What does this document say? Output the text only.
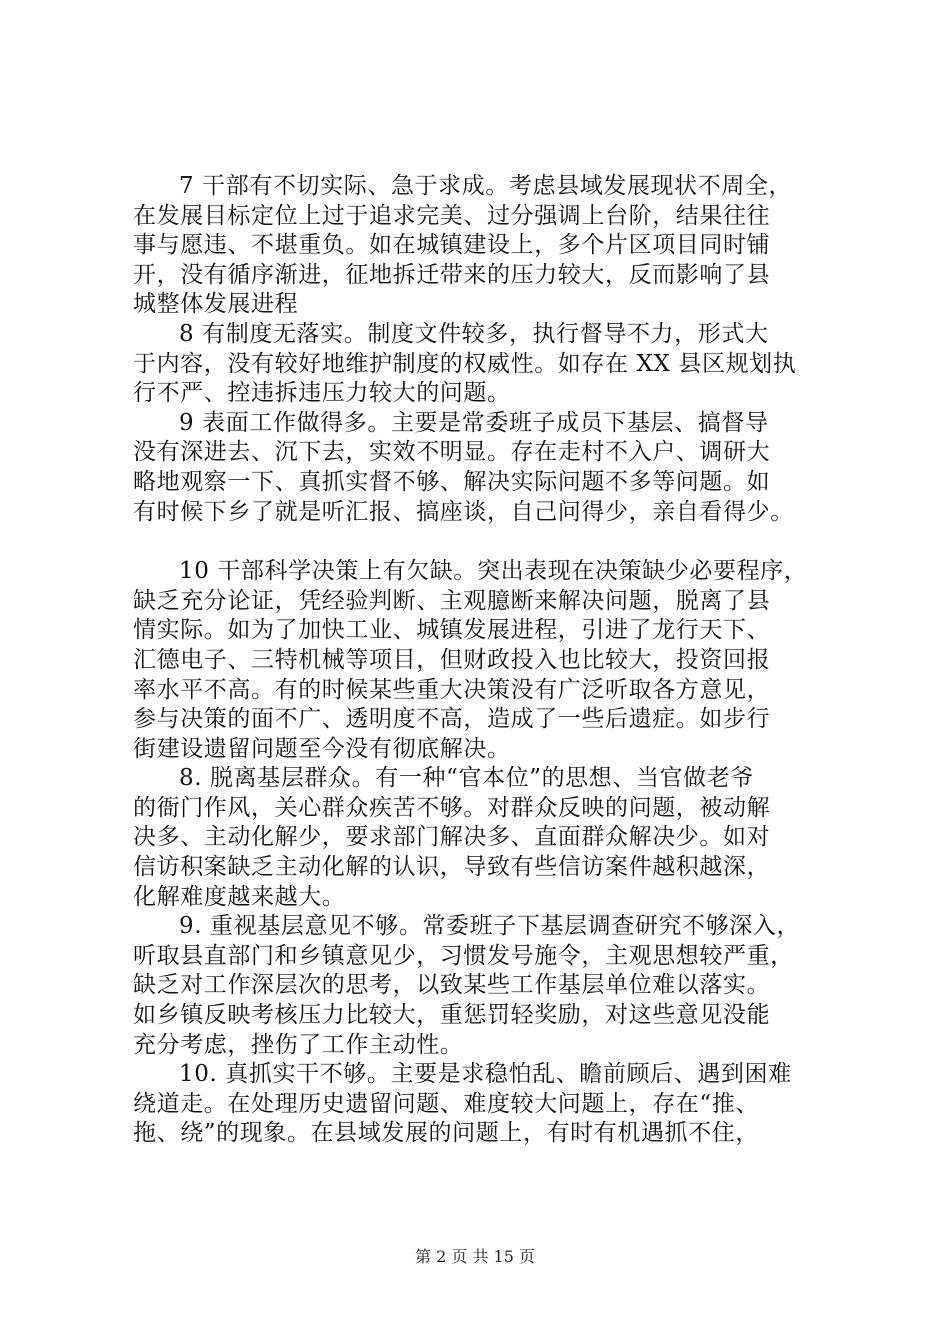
7 干部有不切实际、急于求成。考虑县域发展现状不周全，
在发展目标定位上过于追求完美、过分强调上台阶，结果往往
事与愿违、不堪重负。如在城镇建设上，多个片区项目同时铺
开，没有循序渐进，征地拆迁带来的压力较大，反而影响了县
城整体发展进程
8 有制度无落实。制度文件较多，执行督导不力，形式大
于内容，没有较好地维护制度的权威性。如存在 XX 县区规划执
行不严、控违拆违压力较大的问题。
9 表面工作做得多。主要是常委班子成员下基层、搞督导
没有深进去、沉下去，实效不明显。存在走村不入户、调研大
略地观察一下、真抓实督不够、解决实际问题不多等问题。如
有时候下乡了就是听汇报、搞座谈，自己问得少，亲自看得少。
10 干部科学决策上有欠缺。突出表现在决策缺少必要程序，
缺乏充分论证，凭经验判断、主观臆断来解决问题，脱离了县
情实际。如为了加快工业、城镇发展进程，引进了龙行天下、
汇德电子、三特机械等项目，但财政投入也比较大，投资回报
率水平不高。有的时候某些重大决策没有广泛听取各方意见，
参与决策的面不广、透明度不高，造成了一些后遗症。如步行
街建设遗留问题至今没有彻底解决。
8. 脱离基层群众。有一种“官本位”的思想、当官做老爷
的衙门作风，关心群众疾苦不够。对群众反映的问题，被动解
决多、主动化解少，要求部门解决多、直面群众解决少。如对
信访积案缺乏主动化解的认识，导致有些信访案件越积越深，
化解难度越来越大。
9. 重视基层意见不够。常委班子下基层调查研究不够深入，
听取县直部门和乡镇意见少，习惯发号施令，主观思想较严重，
缺乏对工作深层次的思考，以致某些工作基层单位难以落实。
如乡镇反映考核压力比较大，重惩罚轻奖励，对这些意见没能
充分考虑，挫伤了工作主动性。
10. 真抓实干不够。主要是求稳怕乱、瞻前顾后、遇到困难
绕道走。在处理历史遗留问题、难度较大问题上，存在“推、
拖、绕”的现象。在县域发展的问题上，有时有机遇抓不住，
第 2 页 共 15 页
